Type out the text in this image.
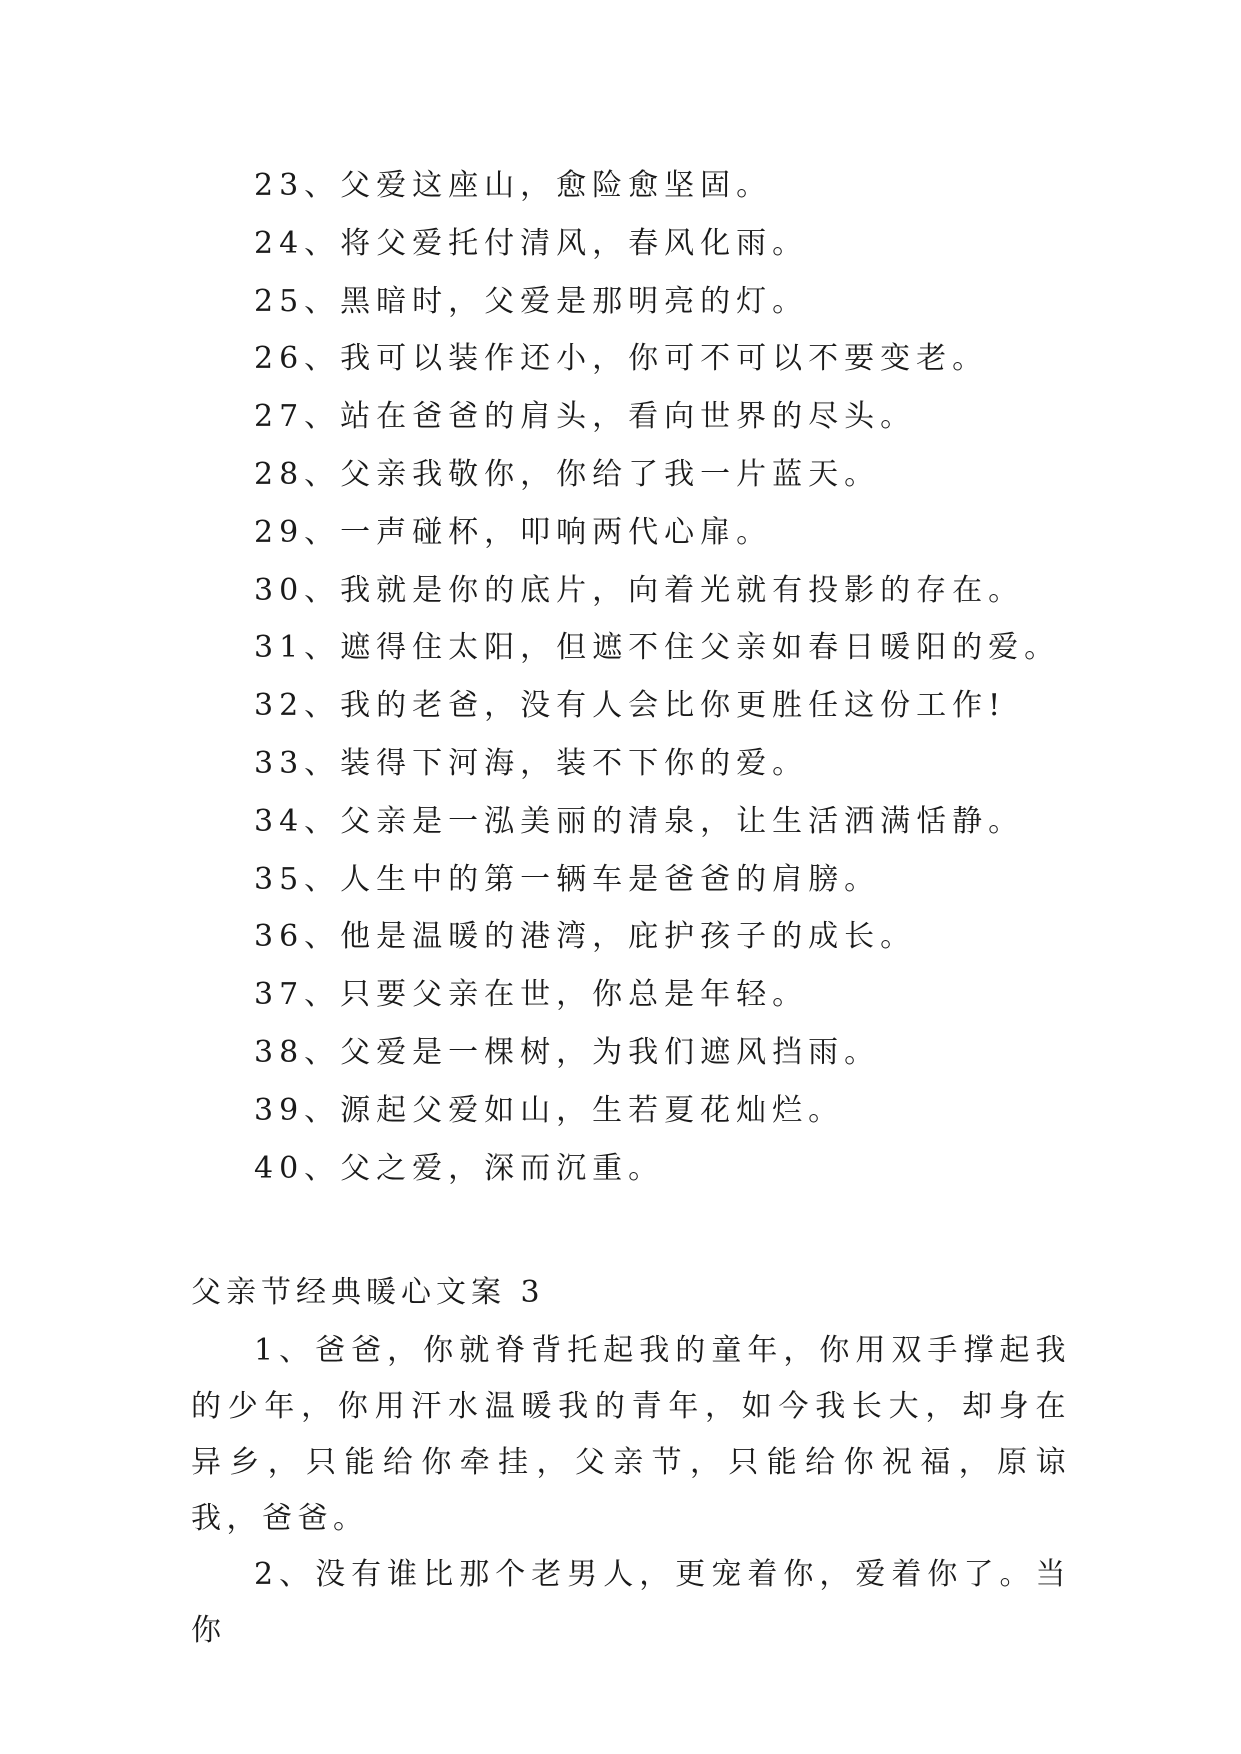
23、父爱这座山，愈险愈坚固。
24、将父爱托付清风，春风化雨。
25、黑暗时，父爱是那明亮的灯。
26、我可以装作还小，你可不可以不要变老。
27、站在爸爸的肩头，看向世界的尽头。
28、父亲我敬你，你给了我一片蓝天。
29、一声碰杯，叩响两代心扉。
30、我就是你的底片，向着光就有投影的存在。
31、遮得住太阳，但遮不住父亲如春日暖阳的爱。
32、我的老爸，没有人会比你更胜任这份工作!
33、装得下河海，装不下你的爱。
34、父亲是一泓美丽的清泉，让生活洒满恬静。
35、人生中的第一辆车是爸爸的肩膀。
36、他是温暖的港湾，庇护孩子的成长。
37、只要父亲在世，你总是年轻。
38、父爱是一棵树，为我们遮风挡雨。
39、源起父爱如山，生若夏花灿烂。
40、父之爱，深而沉重。
父亲节经典暖心文案 3

1、爸爸，你就脊背托起我的童年，你用双手撑起我的少年，你用汗水温暖我的青年，如今我长大，却身在异乡，只能给你牵挂，父亲节，只能给你祝福，原谅我，爸爸。

2、没有谁比那个老男人，更宠着你，爱着你了。当你
